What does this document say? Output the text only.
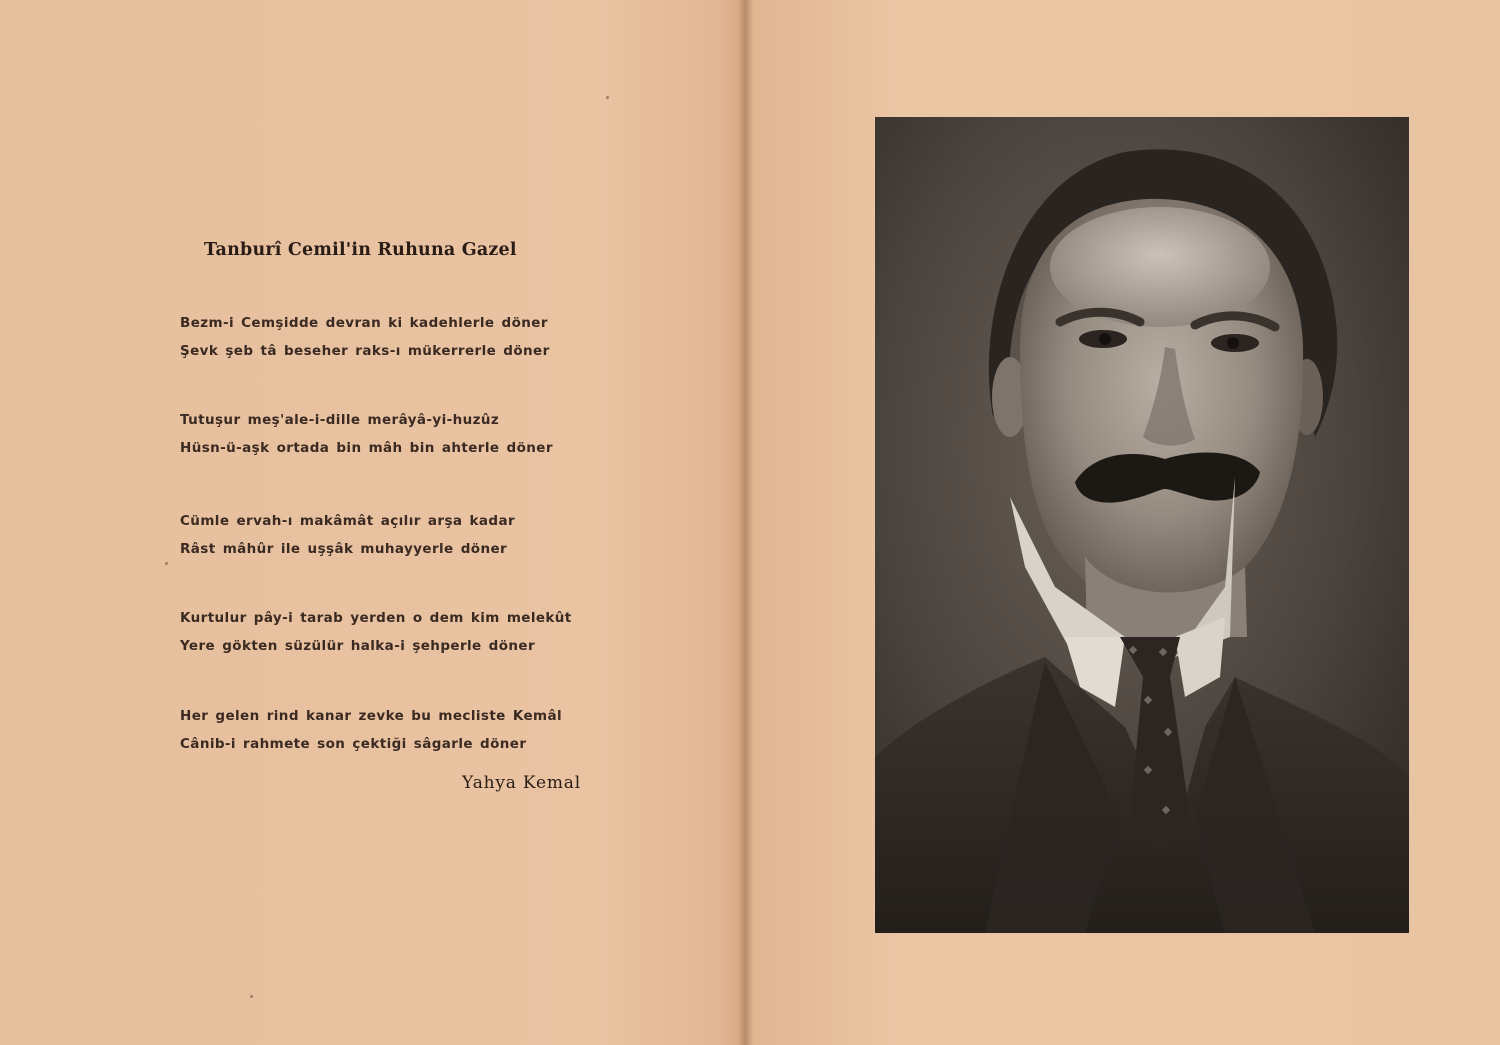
Tanburî Cemil'in Ruhuna Gazel
Bezm-i Cemşidde devran ki kadehlerle döner
Şevk şeb tâ beseher raks-ı mükerrerle döner
Tutuşur meş'ale-i-dille merâyâ-yi-huzûz
Hüsn-ü-aşk ortada bin mâh bin ahterle döner
Cümle ervah-ı makâmât açılır arşa kadar
Râst mâhûr ile uşşâk muhayyerle döner
Kurtulur pây-i tarab yerden o dem kim melekût
Yere gökten süzülür halka-i şehperle döner
Her gelen rind kanar zevke bu mecliste Kemâl
Cânib-i rahmete son çektiği sâgarle döner
Yahya Kemal
